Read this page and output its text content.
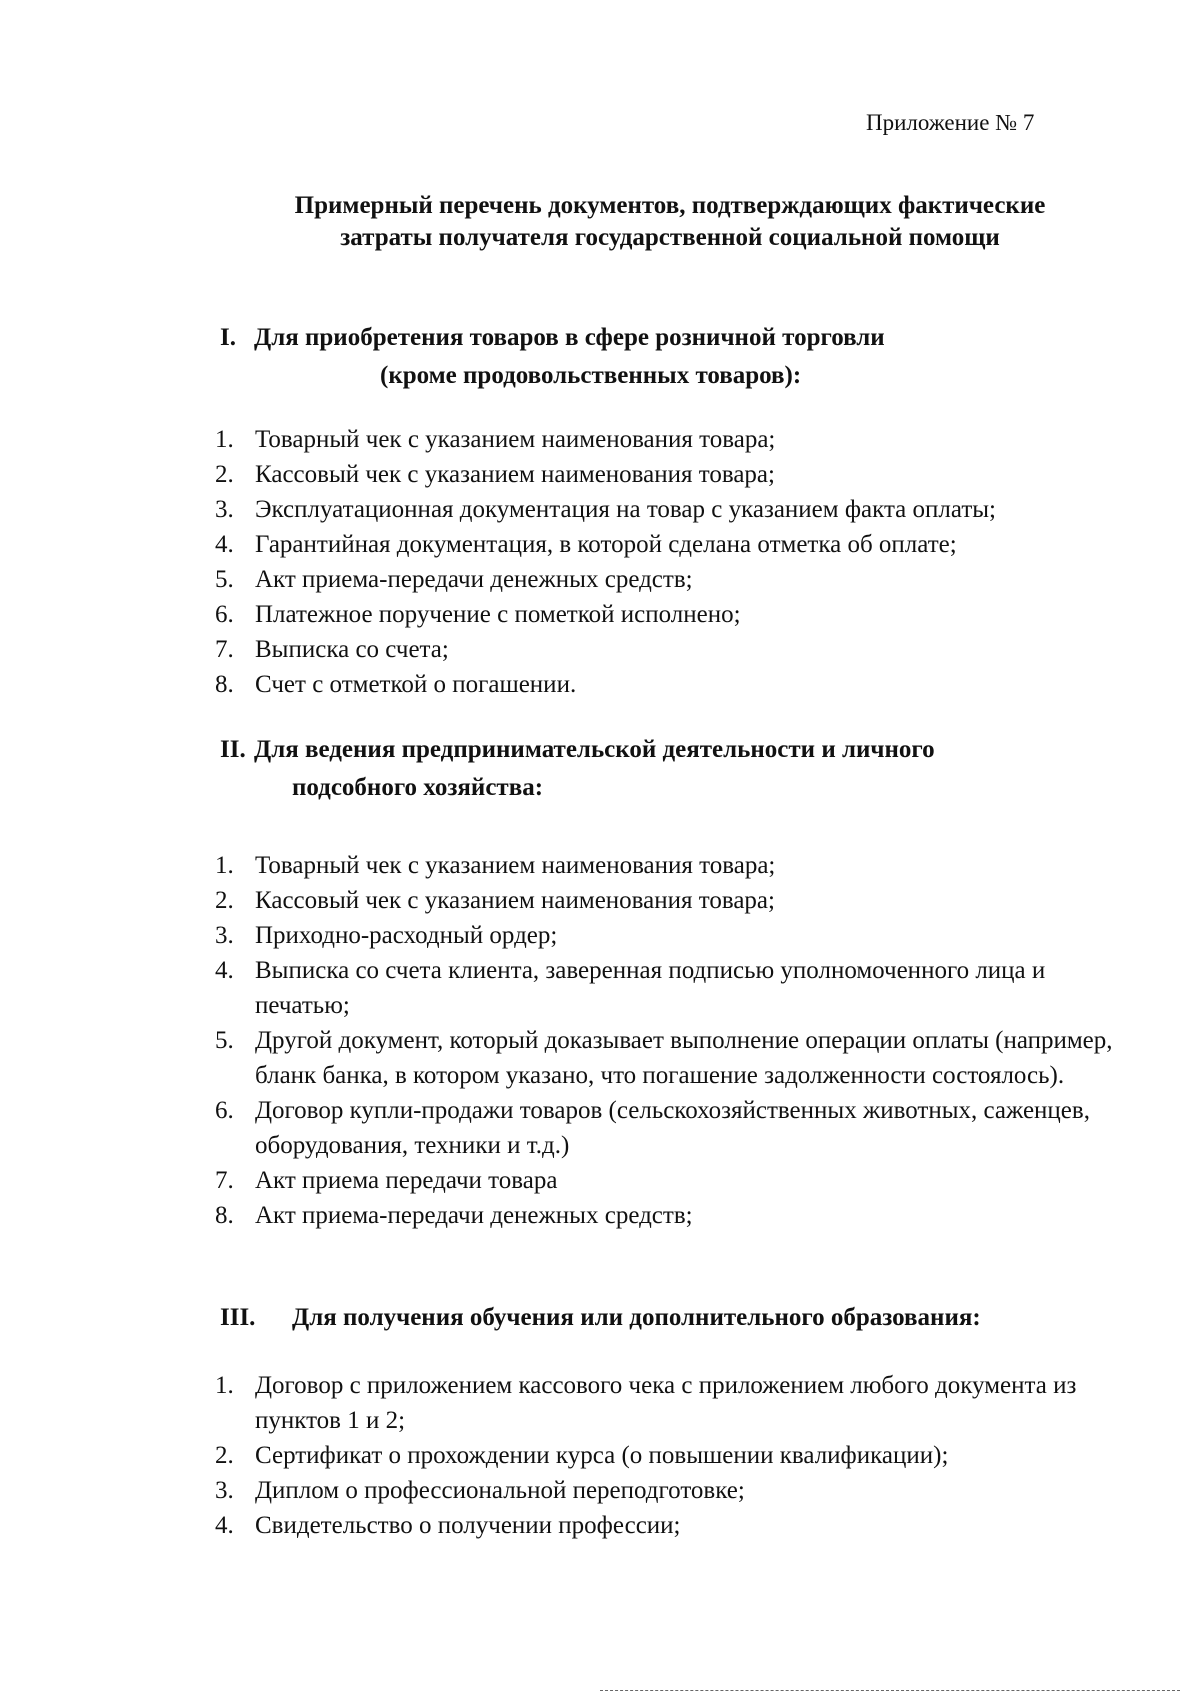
Приложение № 7
Примерный перечень документов, подтверждающих фактические затраты получателя государственной социальной помощи
I. Для приобретения товаров в сфере розничной торговли
(кроме продовольственных товаров):
1. Товарный чек с указанием наименования товара;
2. Кассовый чек с указанием наименования товара;
3. Эксплуатационная документация на товар с указанием факта оплаты;
4. Гарантийная документация, в которой сделана отметка об оплате;
5. Акт приема-передачи денежных средств;
6. Платежное поручение с пометкой исполнено;
7. Выписка со счета;
8. Счет с отметкой о погашении.
II. Для ведения предпринимательской деятельности и личного
подсобного хозяйства:
1. Товарный чек с указанием наименования товара;
2. Кассовый чек с указанием наименования товара;
3. Приходно-расходный ордер;
4. Выписка со счета клиента, заверенная подписью уполномоченного лица и печатью;
5. Другой документ, который доказывает выполнение операции оплаты (например, бланк банка, в котором указано, что погашение задолженности состоялось).
6. Договор купли-продажи товаров (сельскохозяйственных животных, саженцев, оборудования, техники и т.д.)
7. Акт приема передачи товара
8. Акт приема-передачи денежных средств;
III. Для получения обучения или дополнительного образования:
1. Договор с приложением кассового чека с приложением любого документа из пунктов 1 и 2;
2. Сертификат о прохождении курса (о повышении квалификации);
3. Диплом о профессиональной переподготовке;
4. Свидетельство о получении профессии;
